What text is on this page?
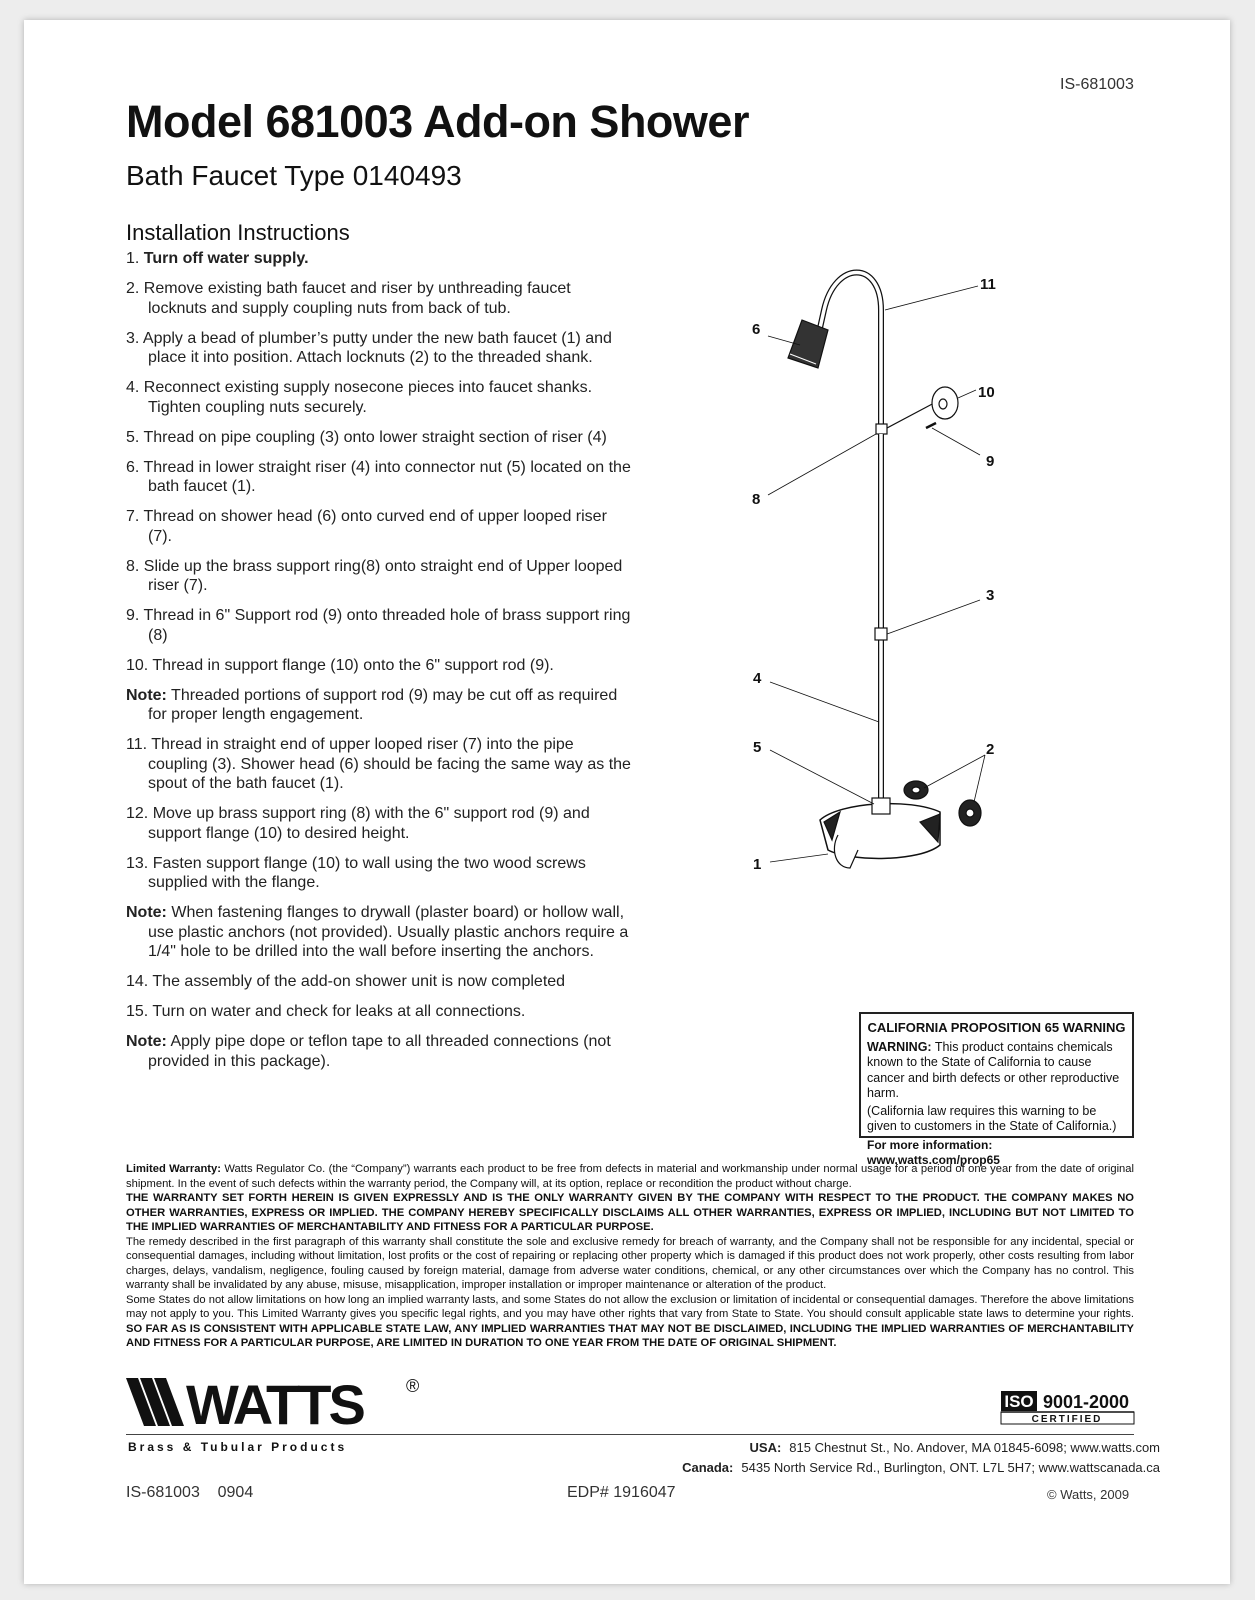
IS-681003
Model 681003 Add-on Shower
Bath Faucet Type 0140493
Installation Instructions
1. Turn off water supply.
2. Remove existing bath faucet and riser by unthreading faucet locknuts and supply coupling nuts from back of tub.
3. Apply a bead of plumber’s putty under the new bath faucet (1) and place it into position. Attach locknuts (2) to the threaded shank.
4. Reconnect existing supply nosecone pieces into faucet shanks. Tighten coupling nuts securely.
5. Thread on pipe coupling (3) onto lower straight section of riser (4)
6. Thread in lower straight riser (4) into connector nut (5) located on the bath faucet (1).
7. Thread on shower head (6) onto curved end of upper looped riser (7).
8. Slide up the brass support ring(8) onto straight end of Upper looped riser (7).
9. Thread in 6" Support rod (9) onto threaded hole of brass support ring (8)
10. Thread in support flange (10) onto the 6" support rod (9).
Note: Threaded portions of support rod (9) may be cut off as required for proper length engagement.
11. Thread in straight end of upper looped riser (7) into the pipe coupling (3). Shower head (6) should be facing the same way as the spout of the bath faucet (1).
12. Move up brass support ring (8) with the 6" support rod (9) and support flange (10) to desired height.
13. Fasten support flange (10) to wall using the two wood screws supplied with the flange.
Note: When fastening flanges to drywall (plaster board) or hollow wall, use plastic anchors (not provided). Usually plastic anchors require a 1/4" hole to be drilled into the wall before inserting the anchors.
14. The assembly of the add-on shower unit is now completed
15. Turn on water and check for leaks at all connections.
Note: Apply pipe dope or teflon tape to all threaded connections (not provided in this package).
1
2
3
4
5
6
8
9
10
11
CALIFORNIA PROPOSITION 65 WARNING
WARNING: This product contains chemicals known to the State of California to cause cancer and birth defects or other reproductive harm.
(California law requires this warning to be given to customers in the State of California.)
For more information: www.watts.com/prop65

Limited Warranty: Watts Regulator Co. (the “Company”) warrants each product to be free from defects in material and workmanship under normal usage for a period of one year from the date of original shipment. In the event of such defects within the warranty period, the Company will, at its option, replace or recondition the product without charge.

THE WARRANTY SET FORTH HEREIN IS GIVEN EXPRESSLY AND IS THE ONLY WARRANTY GIVEN BY THE COMPANY WITH RESPECT TO THE PRODUCT. THE COMPANY MAKES NO OTHER WARRANTIES, EXPRESS OR IMPLIED. THE COMPANY HEREBY SPECIFICALLY DISCLAIMS ALL OTHER WARRANTIES, EXPRESS OR IMPLIED, INCLUDING BUT NOT LIMITED TO THE IMPLIED WARRANTIES OF MERCHANTABILITY AND FITNESS FOR A PARTICULAR PURPOSE.

The remedy described in the first paragraph of this warranty shall constitute the sole and exclusive remedy for breach of warranty, and the Company shall not be responsible for any incidental, special or consequential damages, including without limitation, lost profits or the cost of repairing or replacing other property which is damaged if this product does not work properly, other costs resulting from labor charges, delays, vandalism, negligence, fouling caused by foreign material, damage from adverse water conditions, chemical, or any other circumstances over which the Company has no control. This warranty shall be invalidated by any abuse, misuse, misapplication, improper installation or improper maintenance or alteration of the product.

Some States do not allow limitations on how long an implied warranty lasts, and some States do not allow the exclusion or limitation of incidental or consequential damages. Therefore the above limitations may not apply to you. This Limited Warranty gives you specific legal rights, and you may have other rights that vary from State to State. You should consult applicable state laws to determine your rights. SO FAR AS IS CONSISTENT WITH APPLICABLE STATE LAW, ANY IMPLIED WARRANTIES THAT MAY NOT BE DISCLAIMED, INCLUDING THE IMPLIED WARRANTIES OF MERCHANTABILITY AND FITNESS FOR A PARTICULAR PURPOSE, ARE LIMITED IN DURATION TO ONE YEAR FROM THE DATE OF ORIGINAL SHIPMENT.

WATTS ®
Brass & Tubular Products
ISO 9001-2000
CERTIFIED
USA: 815 Chestnut St., No. Andover, MA 01845-6098; www.watts.com
Canada: 5435 North Service Rd., Burlington, ONT. L7L 5H7; www.wattscanada.ca
IS-681003    0904	EDP# 1916047	© Watts, 2009
